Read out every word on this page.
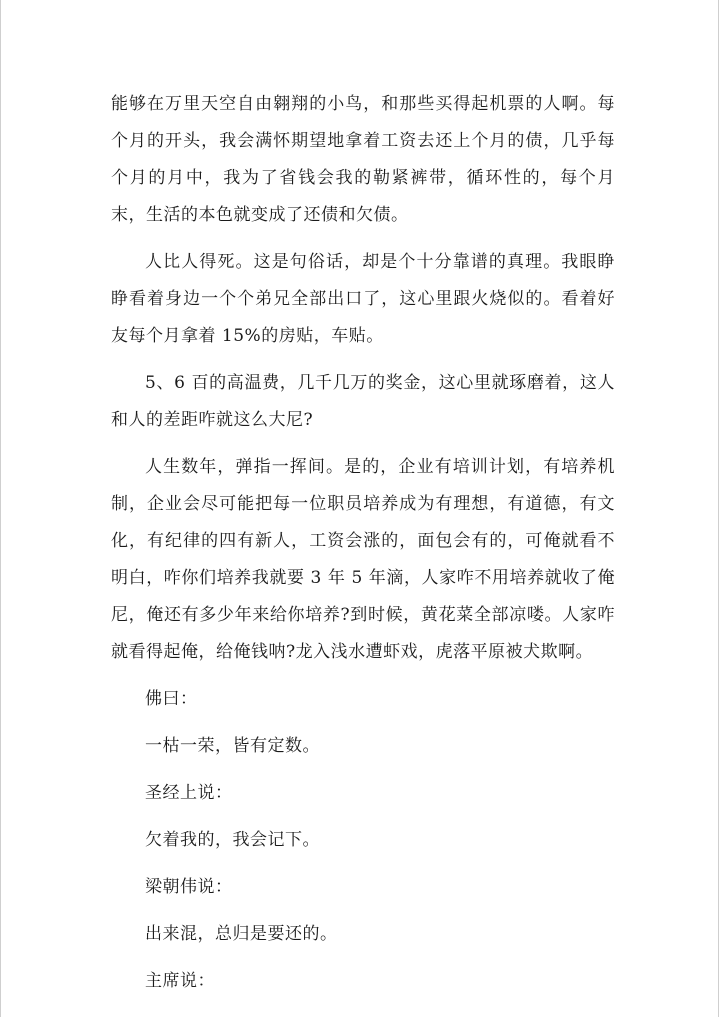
能够在万里天空自由翱翔的小鸟，和那些买得起机票的人啊。每个月的开头，我会满怀期望地拿着工资去还上个月的债，几乎每个月的月中，我为了省钱会我的勒紧裤带，循环性的，每个月末，生活的本色就变成了还债和欠债。

人比人得死。这是句俗话，却是个十分靠谱的真理。我眼睁睁看着身边一个个弟兄全部出口了，这心里跟火烧似的。看着好友每个月拿着 15%的房贴，车贴。

5、6 百的高温费，几千几万的奖金，这心里就琢磨着，这人和人的差距咋就这么大尼?

人生数年，弹指一挥间。是的，企业有培训计划，有培养机制，企业会尽可能把每一位职员培养成为有理想，有道德，有文化，有纪律的四有新人，工资会涨的，面包会有的，可俺就看不明白，咋你们培养我就要 3 年 5 年滴，人家咋不用培养就收了俺尼，俺还有多少年来给你培养?到时候，黄花菜全部凉喽。人家咋就看得起俺，给俺钱呐?龙入浅水遭虾戏，虎落平原被犬欺啊。

佛曰：

一枯一荣，皆有定数。

圣经上说：

欠着我的，我会记下。

梁朝伟说：

出来混，总归是要还的。

主席说：
